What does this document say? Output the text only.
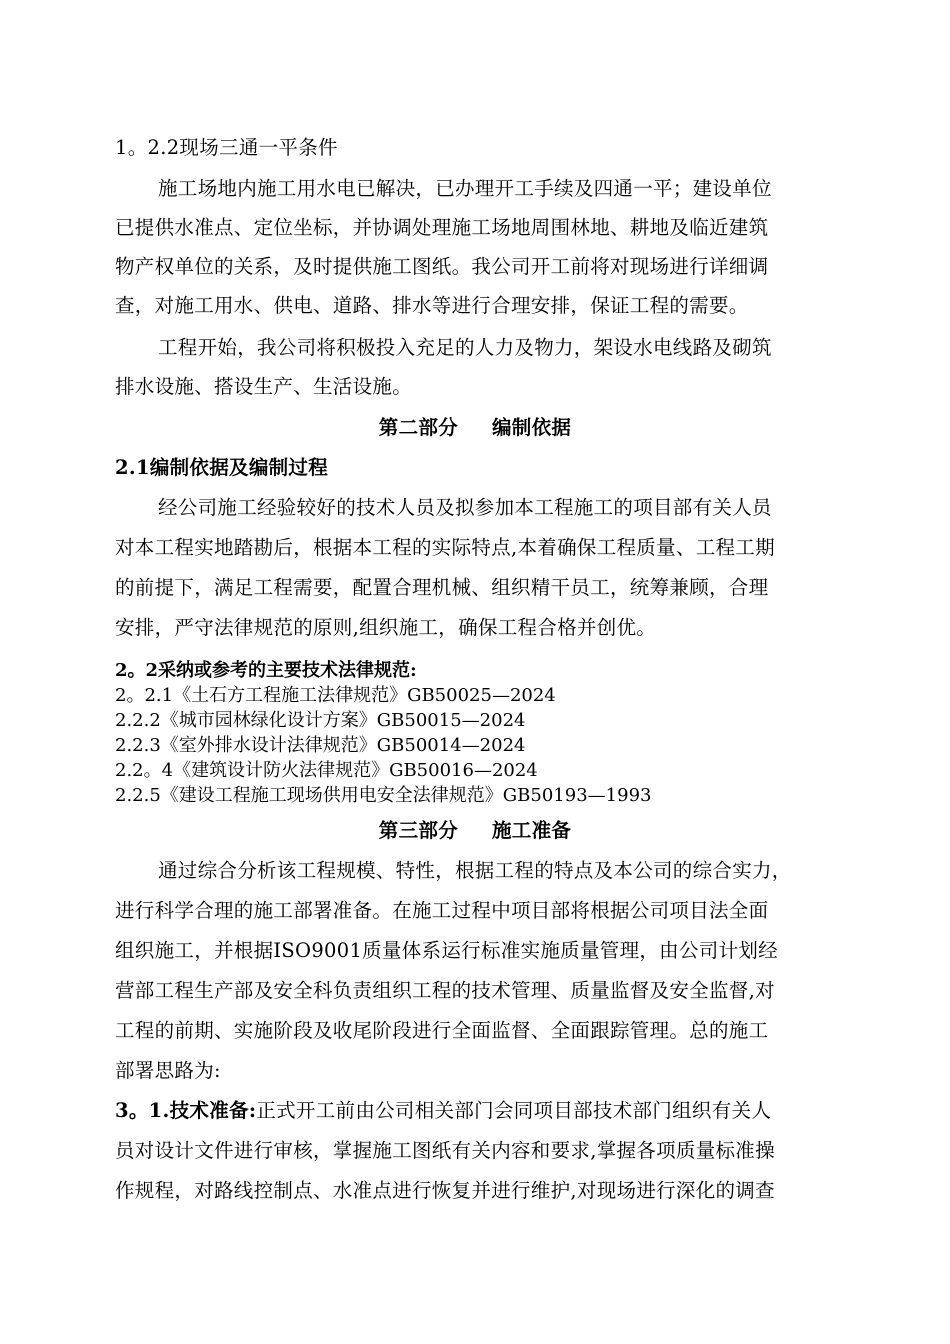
1。2.2现场三通一平条件
施工场地内施工用水电已解决，已办理开工手续及四通一平；建设单位
已提供水准点、定位坐标，并协调处理施工场地周围林地、耕地及临近建筑
物产权单位的关系，及时提供施工图纸。我公司开工前将对现场进行详细调
查，对施工用水、供电、道路、排水等进行合理安排，保证工程的需要。
工程开始，我公司将积极投入充足的人力及物力，架设水电线路及砌筑
排水设施、搭设生产、生活设施。
第二部分 编制依据
2.1编制依据及编制过程
经公司施工经验较好的技术人员及拟参加本工程施工的项目部有关人员
对本工程实地踏勘后，根据本工程的实际特点,本着确保工程质量、工程工期
的前提下，满足工程需要，配置合理机械、组织精干员工，统筹兼顾，合理
安排，严守法律规范的原则,组织施工，确保工程合格并创优。
2。2采纳或参考的主要技术法律规范:
2。2.1《土石方工程施工法律规范》GB50025—2024
2.2.2《城市园林绿化设计方案》GB50015—2024
2.2.3《室外排水设计法律规范》GB50014—2024
2.2。4《建筑设计防火法律规范》GB50016—2024
2.2.5《建设工程施工现场供用电安全法律规范》GB50193—1993
第三部分 施工准备
通过综合分析该工程规模、特性，根据工程的特点及本公司的综合实力，
进行科学合理的施工部署准备。在施工过程中项目部将根据公司项目法全面
组织施工，并根据ISO9001质量体系运行标准实施质量管理，由公司计划经
营部工程生产部及安全科负责组织工程的技术管理、质量监督及安全监督,对
工程的前期、实施阶段及收尾阶段进行全面监督、全面跟踪管理。总的施工
部署思路为:
3。1.技术准备:正式开工前由公司相关部门会同项目部技术部门组织有关人
员对设计文件进行审核，掌握施工图纸有关内容和要求,掌握各项质量标准操
作规程，对路线控制点、水准点进行恢复并进行维护,对现场进行深化的调查
